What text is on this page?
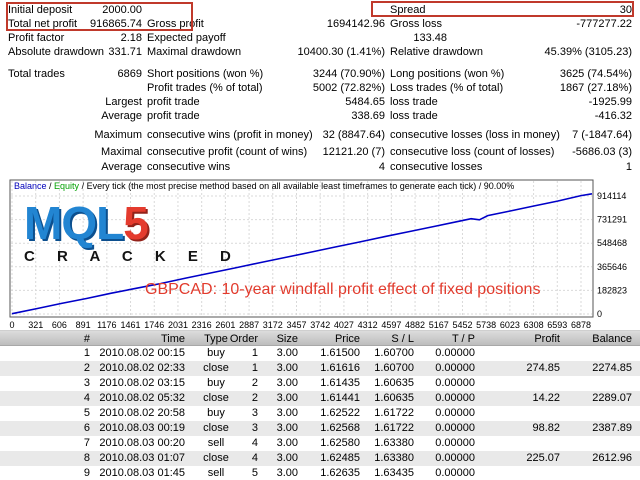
Initial deposit	2000.00	Spread	30
Total net profit	916865.74 Gross profit	1694142.96 Gross loss	-777277.22
Profit factor	2.18 Expected payoff	133.48
Absolute drawdown 331.71 Maximal drawdown	10400.30 (1.41%) Relative drawdown	45.39% (3105.23)
Total trades	6869 Short positions (won %)	3244 (70.90%) Long positions (won %)	3625 (74.54%)
Profit trades (% of total)	5002 (72.82%) Loss trades (% of total)	1867 (27.18%)
Largest profit trade	5484.65 loss trade	-1925.99
Average profit trade	338.69 loss trade	-416.32
Maximum consecutive wins (profit in money) 32 (8847.64) consecutive losses (loss in money)	7 (-1847.64)
Maximal consecutive profit (count of wins)	12121.20 (7) consecutive loss (count of losses)	-5686.03 (3)
Average consecutive wins	4 consecutive losses	1
0
182823
365646
548468
731291
914114
0 321 606 891 1176 1461 1746 2031 2316 2601 2887 3172 3457 3742 4027 4312 4597 4882 5167 5452 5738 6023 6308 6593 6878
Balance / Equity / Every tick (the most precise method based on all available least timeframes to generate each tick) / 90.00%
MQL5
C R A C K E D
GBPCAD: 10-year windfall profit effect of fixed positions
#	Time	Type Order	Size	Price	S / L	T / P	Profit	Balance
1 2010.08.02 00:15	buy	1	3.00	1.61500	1.60700	0.00000
2 2010.08.02 02:33	close	1	3.00	1.61616	1.60700	0.00000	274.85	2274.85
3 2010.08.02 03:15	buy	2	3.00	1.61435	1.60635	0.00000
4 2010.08.02 05:32	close	2	3.00	1.61441	1.60635	0.00000	14.22	2289.07
5 2010.08.02 20:58	buy	3	3.00	1.62522	1.61722	0.00000
6 2010.08.03 00:19	close	3	3.00	1.62568	1.61722	0.00000	98.82	2387.89
7 2010.08.03 00:20	sell	4	3.00	1.62580	1.63380	0.00000
8 2010.08.03 01:07	close	4	3.00	1.62485	1.63380	0.00000	225.07	2612.96
9 2010.08.03 01:45	sell	5	3.00	1.62635	1.63435	0.00000
